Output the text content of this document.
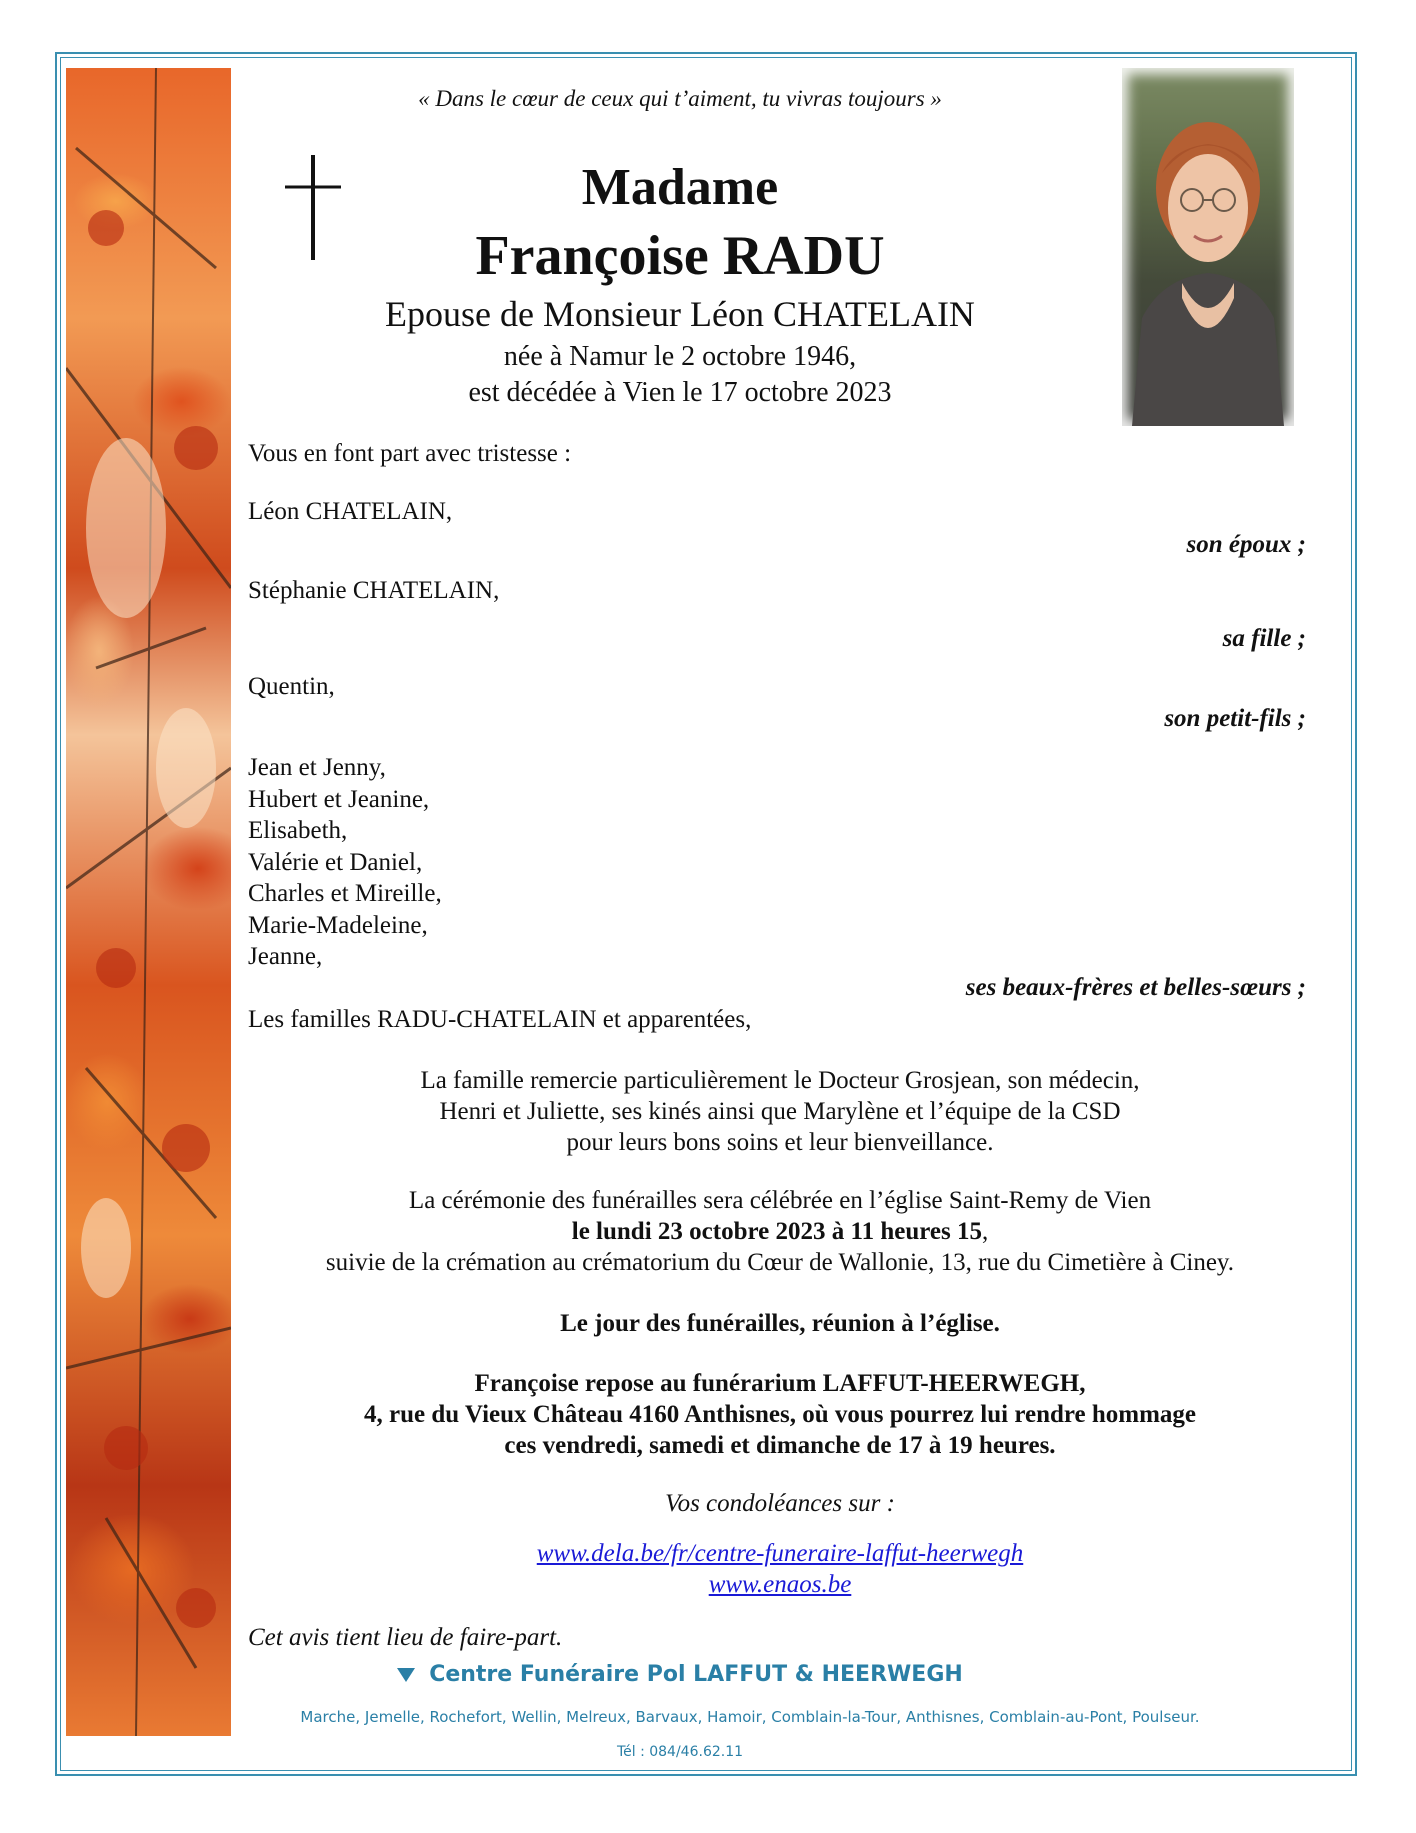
« Dans le cœur de ceux qui t’aiment, tu vivras toujours »
Madame
Françoise RADU
Epouse de Monsieur Léon CHATELAIN
née à Namur le 2 octobre 1946,
est décédée à Vien le 17 octobre 2023
Vous en font part avec tristesse :
Léon CHATELAIN,
son époux ;
Stéphanie CHATELAIN,
sa fille ;
Quentin,
son petit-fils ;
Jean et Jenny,
Hubert et Jeanine,
Elisabeth,
Valérie et Daniel,
Charles et Mireille,
Marie-Madeleine,
Jeanne,
ses beaux-frères et belles-sœurs ;
Les familles RADU-CHATELAIN et apparentées,
La famille remercie particulièrement le Docteur Grosjean, son médecin,
Henri et Juliette, ses kinés ainsi que Marylène et l’équipe de la CSD
pour leurs bons soins et leur bienveillance.
La cérémonie des funérailles sera célébrée en l’église Saint-Remy de Vien
le lundi 23 octobre 2023 à 11 heures 15,
suivie de la crémation au crématorium du Cœur de Wallonie, 13, rue du Cimetière à Ciney.
Le jour des funérailles, réunion à l’église.
Françoise repose au funérarium LAFFUT-HEERWEGH,
4, rue du Vieux Château 4160 Anthisnes, où vous pourrez lui rendre hommage
ces vendredi, samedi et dimanche de 17 à 19 heures.
Vos condoléances sur :
www.dela.be/fr/centre-funeraire-laffut-heerwegh
www.enaos.be
Cet avis tient lieu de faire-part.
Centre Funéraire Pol LAFFUT & HEERWEGH
Marche, Jemelle, Rochefort, Wellin, Melreux, Barvaux, Hamoir, Comblain-la-Tour, Anthisnes, Comblain-au-Pont, Poulseur.
Tél : 084/46.62.11
